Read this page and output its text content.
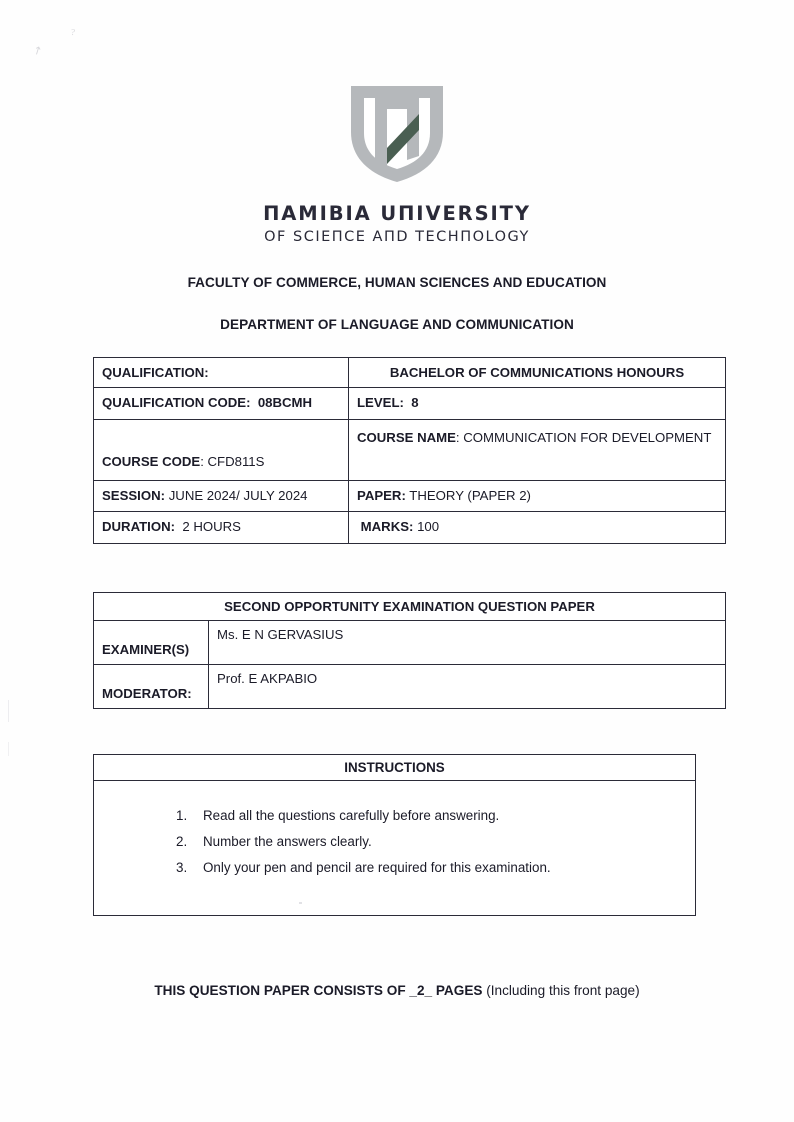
?
↗
ПAMIBIA UПIVERSITY
OF SCIEПCE AПD TECHПOLOGY
FACULTY OF COMMERCE, HUMAN SCIENCES AND EDUCATION
DEPARTMENT OF LANGUAGE AND COMMUNICATION
QUALIFICATION:	BACHELOR OF COMMUNICATIONS HONOURS
QUALIFICATION CODE: 08BCMH	LEVEL: 8
COURSE CODE: CFD811S	COURSE NAME: COMMUNICATION FOR DEVELOPMENT
SESSION: JUNE 2024/ JULY 2024	PAPER: THEORY (PAPER 2)
DURATION: 2 HOURS	MARKS: 100
SECOND OPPORTUNITY EXAMINATION QUESTION PAPER	
EXAMINER(S)	Ms. E N GERVASIUS
MODERATOR:	Prof. E AKPABIO
INSTRUCTIONS
1. Read all the questions carefully before answering.
2. Number the answers clearly.
3. Only your pen and pencil are required for this examination.
THIS QUESTION PAPER CONSISTS OF _2_ PAGES (Including this front page)
